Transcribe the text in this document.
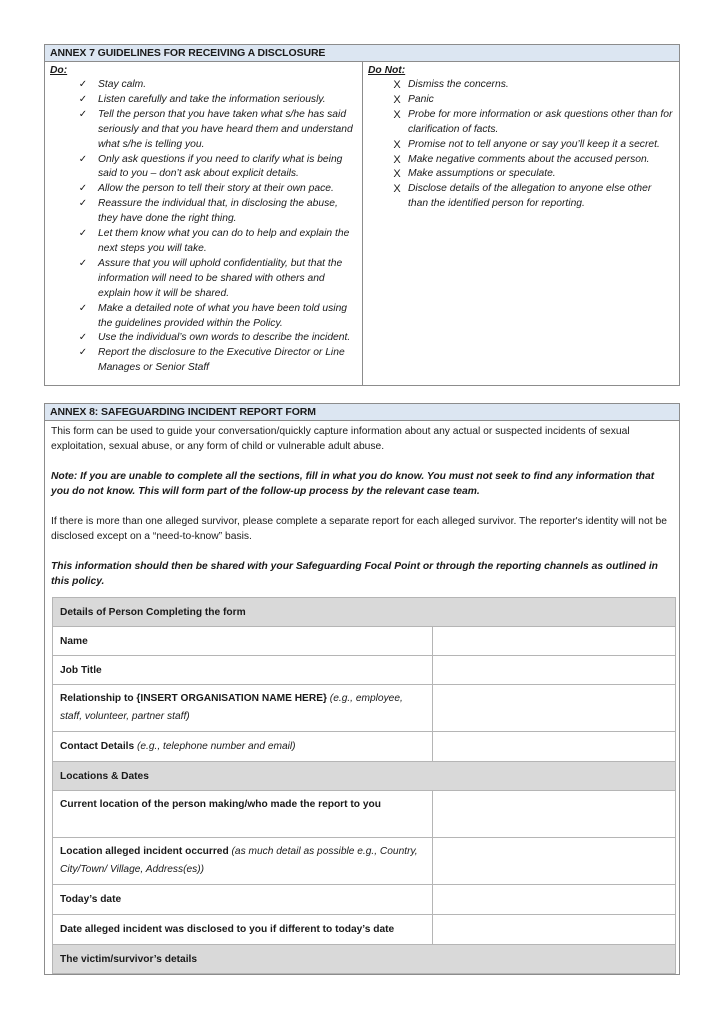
ANNEX 7 GUIDELINES FOR RECEIVING A DISCLOSURE
Do:
✓	Stay calm.
✓	Listen carefully and take the information seriously.
✓	Tell the person that you have taken what s/he has said seriously and that you have heard them and understand what s/he is telling you.
✓	Only ask questions if you need to clarify what is being said to you – don’t ask about explicit details.
✓	Allow the person to tell their story at their own pace.
✓	Reassure the individual that, in disclosing the abuse, they have done the right thing.
✓	Let them know what you can do to help and explain the next steps you will take.
✓	Assure that you will uphold confidentiality, but that the information will need to be shared with others and explain how it will be shared.
✓	Make a detailed note of what you have been told using the guidelines provided within the Policy.
✓	Use the individual’s own words to describe the incident.
✓	Report the disclosure to the Executive Director or Line Manages or Senior Staff
Do Not:
X Dismiss the concerns.
X Panic
X Probe for more information or ask questions other than for clarification of facts.
X Promise not to tell anyone or say you’ll keep it a secret.
X Make negative comments about the accused person.
X Make assumptions or speculate.
X Disclose details of the allegation to anyone else other than the identified person for reporting.
ANNEX 8: SAFEGUARDING INCIDENT REPORT FORM

This form can be used to guide your conversation/quickly capture information about any actual or suspected incidents of sexual exploitation, sexual abuse, or any form of child or vulnerable adult abuse.

Note: If you are unable to complete all the sections, fill in what you do know. You must not seek to find any information that you do not know. This will form part of the follow-up process by the relevant case team.

If there is more than one alleged survivor, please complete a separate report for each alleged survivor. The reporter's identity will not be disclosed except on a “need-to-know” basis.

This information should then be shared with your Safeguarding Focal Point or through the reporting channels as outlined in this policy.

Details of Person Completing the form	
Name	
Job Title	
Relationship to {INSERT ORGANISATION NAME HERE} (e.g., employee, staff, volunteer, partner staff)	
Contact Details (e.g., telephone number and email)	
Locations & Dates	
Current location of the person making/who made the report to you	
Location alleged incident occurred (as much detail as possible e.g., Country, City/Town/ Village, Address(es))	
Today’s date	
Date alleged incident was disclosed to you if different to today’s date	
The victim/survivor’s details	
